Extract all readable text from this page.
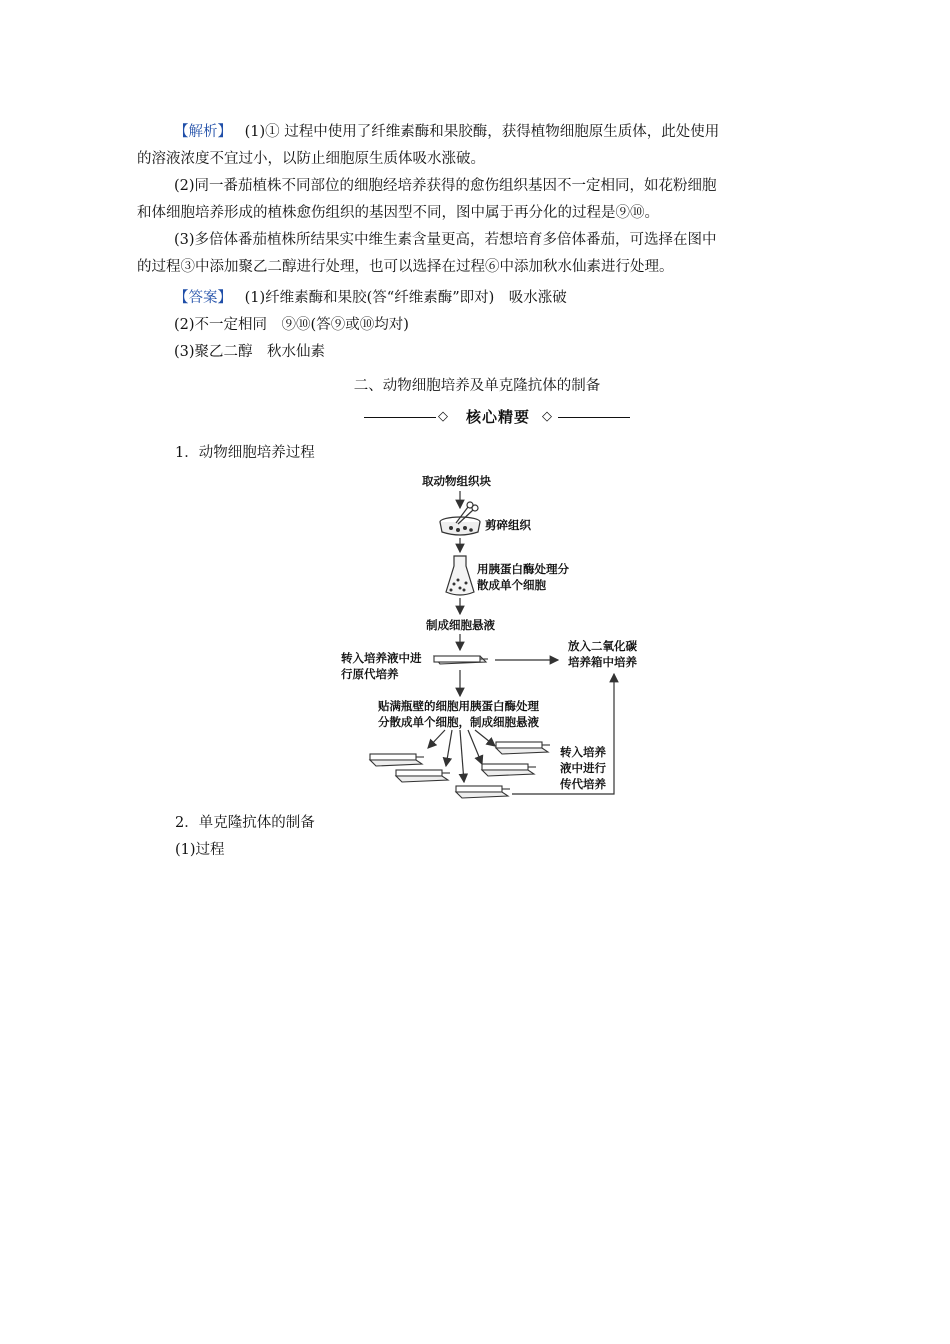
【解析】 (1)① 过程中使用了纤维素酶和果胶酶，获得植物细胞原生质体，此处使用
的溶液浓度不宜过小，以防止细胞原生质体吸水涨破。
(2)同一番茄植株不同部位的细胞经培养获得的愈伤组织基因不一定相同，如花粉细胞
和体细胞培养形成的植株愈伤组织的基因型不同，图中属于再分化的过程是⑨⑩。
(3)多倍体番茄植株所结果实中维生素含量更高，若想培育多倍体番茄，可选择在图中
的过程③中添加聚乙二醇进行处理，也可以选择在过程⑥中添加秋水仙素进行处理。
【答案】 (1)纤维素酶和果胶(答“纤维素酶”即对)　吸水涨破
(2)不一定相同　⑨⑩(答⑨或⑩均对)
(3)聚乙二醇　秋水仙素
二、动物细胞培养及单克隆抗体的制备
◇	核心精要 ◇
1．动物细胞培养过程
取动物组织块
剪碎组织
用胰蛋白酶处理分
散成单个细胞
制成细胞悬液
转入培养液中进
行原代培养
放入二氧化碳
培养箱中培养
贴满瓶壁的细胞用胰蛋白酶处理
分散成单个细胞，制成细胞悬液
转入培养
液中进行
传代培养
2．单克隆抗体的制备
(1)过程
